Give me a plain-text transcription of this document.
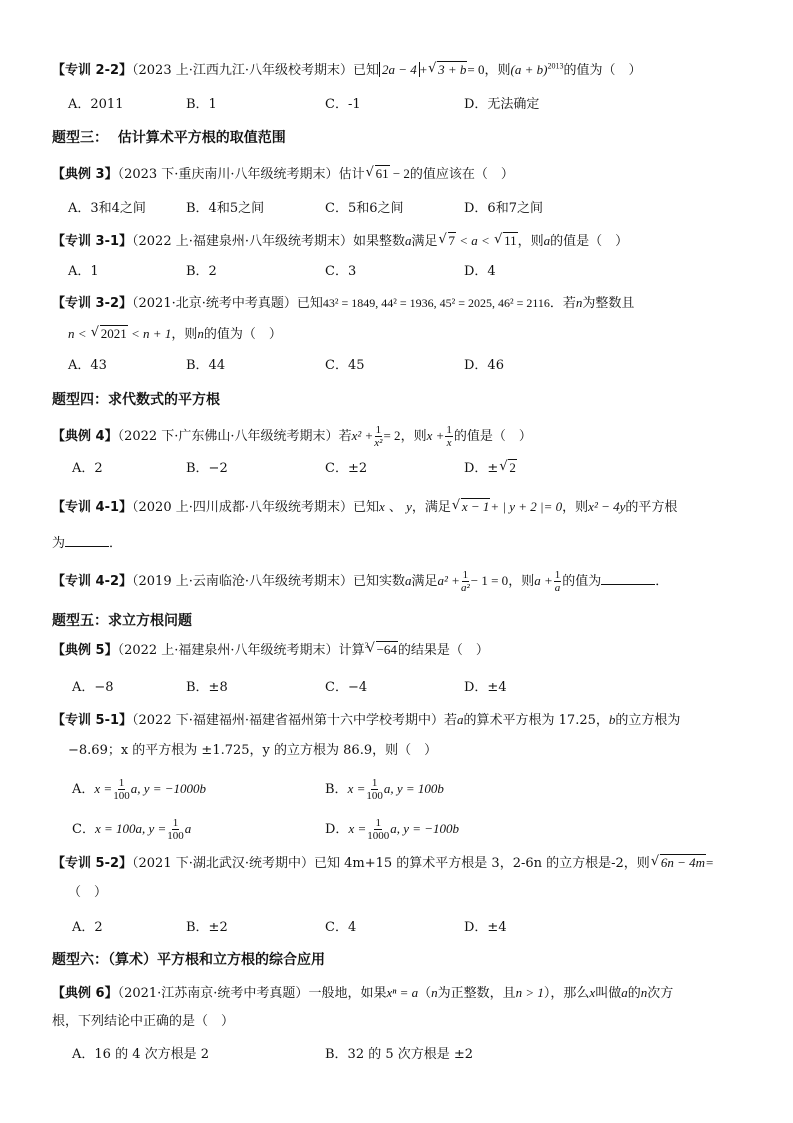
【专训 2-2】（2023 上·江西九江·八年级校考期末）已知 2a − 4 + √ 3 + b= 0，则$(a + b)^{2013}$的值为（　）
A．2011	B．1	C．-1	D．无法确定
题型三： 估计算术平方根的取值范围
【典例 3】（2023 下·重庆南川·八年级统考期末）估计 √ 61 − 2的值应该在（　）
A．3和4之间	B．4和5之间	C．5和6之间	D．6和7之间
【专训 3-1】（2022 上·福建泉州·八年级统考期末）如果整数a满足 √ 7 < a < √ 11，则a的值是（　）
A．1	B．2	C．3	D．4
【专训 3-2】（2021·北京·统考中考真题）已知43² = 1849, 44² = 1936, 45² = 2025, 46² = 2116．若n为整数且
n < √ 2021 < n + 1，则n的值为（　）
A．43	B．44	C．45	D．46
题型四：求代数式的平方根
【典例 4】（2022 下·广东佛山·八年级统考期末）若$x^2 + \frac{1}{\text{x²}} = 2$，则$x + \frac{1}{x}$ 的值是（　）
A．2	B．−2	C．±2	D．± √ 2
【专训 4-1】（2020 上·四川成都·八年级统考期末）已知x 、 y，满足 √ x − 1+ | y + 2 |= 0，则x² − 4y的平方根
为	．
【专训 4-2】（2019 上·云南临沧·八年级统考期末）已知实数a满足$a^2 + \frac{1}{\text{a²}} - 1 = 0$，则$a + \frac{1}{a}$ 的值为	．
题型五：求立方根问题
【典例 5】（2022 上·福建泉州·八年级统考期末）计算$^3$ √ −64的结果是（　）
A．−8	B．±8	C．−4	D．±4
【专训 5-1】（2022 下·福建福州·福建省福州第十六中学校考期中）若a的算术平方根为 17.25，b的立方根为
−8.69；x 的平方根为 ±1.725，y 的立方根为 86.9，则（　）
A．$x = \frac{1}{100} a$, y = −1000b	B．$x = \frac{1}{100} a$, y = 100b
C．x = 100a, $y = \frac{1}{100}$ a	D．$x = \frac{1}{1000} a$, y = −100b
【专训 5-2】（2021 下·湖北武汉·统考期中）已知 4m+15 的算术平方根是 3，2-6n 的立方根是-2，则 √ 6n − 4m=
（　）
A．2	B．±2	C．4	D．±4
题型六：（算术）平方根和立方根的综合应用
【典例 6】（2021·江苏南京·统考中考真题）一般地，如果xⁿ = a（n为正整数，且n > 1），那么x叫做a的n次方
根，下列结论中正确的是（　）
A．16 的 4 次方根是 2	B．32 的 5 次方根是 ±2
